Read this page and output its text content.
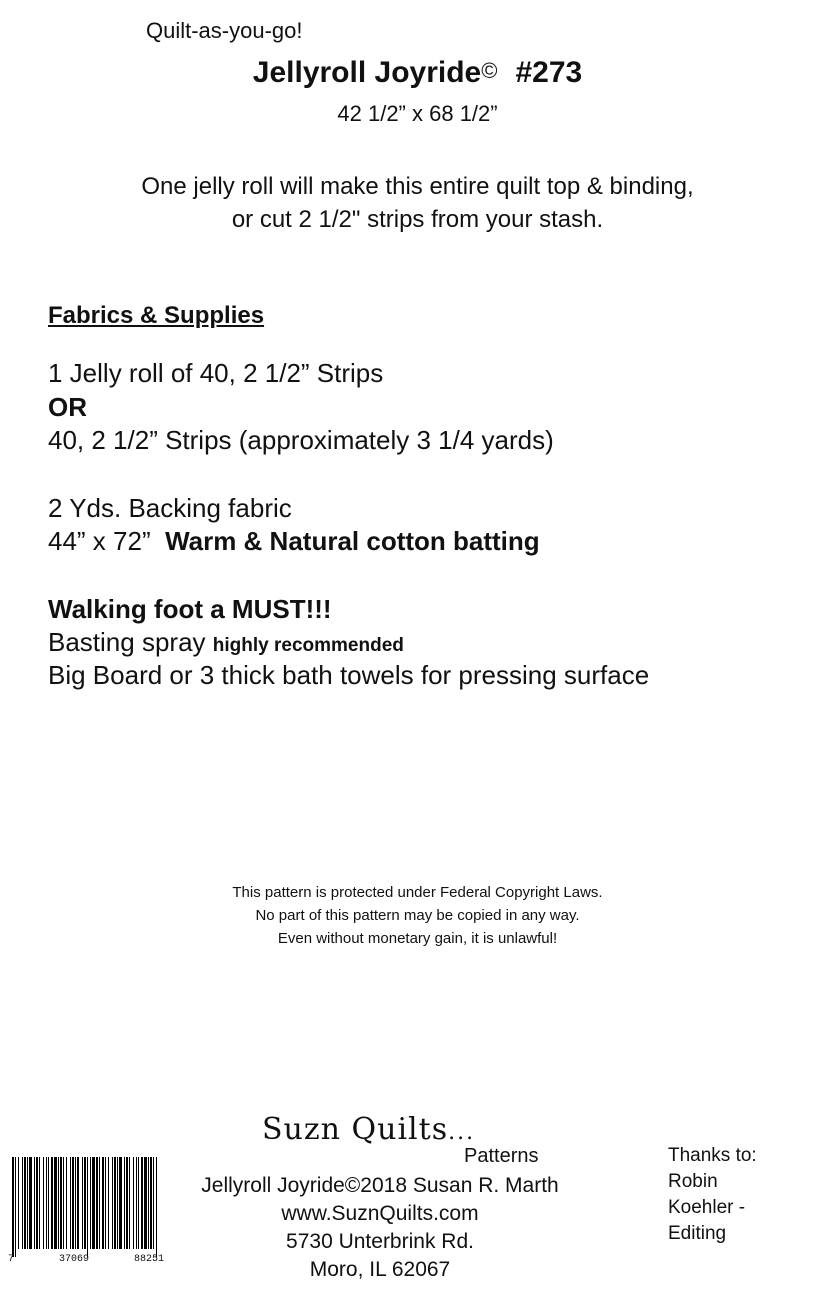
Quilt-as-you-go!
Jellyroll Joyride© #273
42 1/2” x 68 1/2”
One jelly roll will make this entire quilt top & binding,
or cut 2 1/2" strips from your stash.
Fabrics & Supplies
1 Jelly roll of 40, 2 1/2” Strips
OR
40, 2 1/2” Strips (approximately 3 1/4 yards)
2 Yds. Backing fabric
44” x 72” Warm & Natural cotton batting
Walking foot a MUST!!!
Basting spray highly recommended
Big Board or 3 thick bath towels for pressing surface
This pattern is protected under Federal Copyright Laws.
No part of this pattern may be copied in any way.
Even without monetary gain, it is unlawful!
Suzn Quilts...
Patterns
Jellyroll Joyride©2018 Susan R. Marth
www.SuznQuilts.com
5730 Unterbrink Rd.
Moro, IL 62067
Thanks to:
Robin Koehler -
Editing
7	37069	88251
